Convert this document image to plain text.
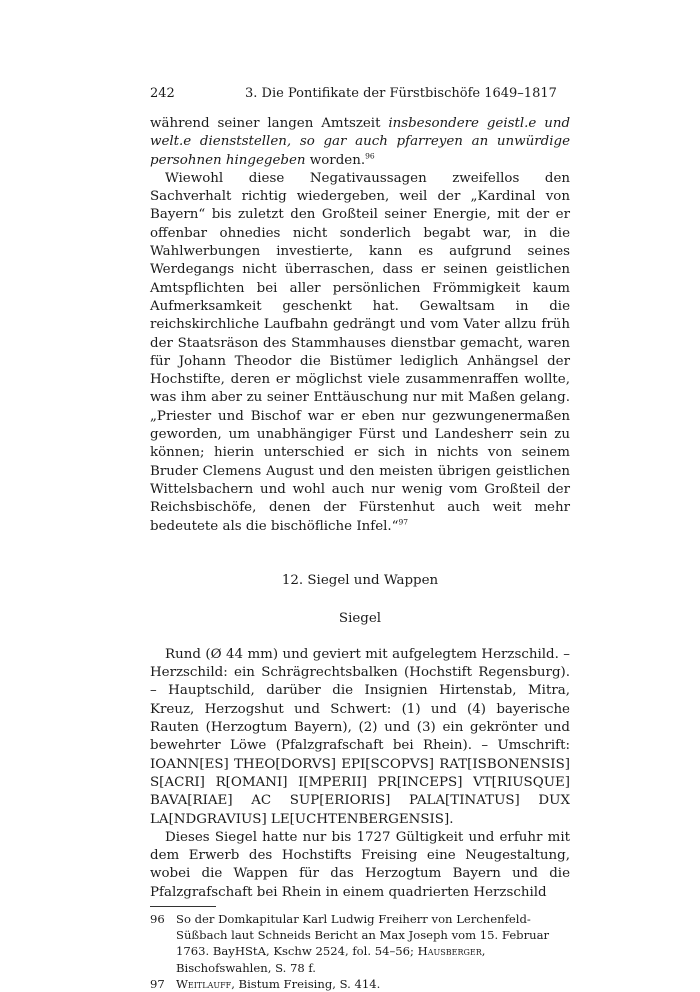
242	3. Die Pontifikate der Fürstbischöfe 1649–1817

während seiner langen Amtszeit insbesondere geistl.e und welt.e dienststellen, so gar auch pfarreyen an unwürdige persohnen hingegeben worden.$^{96}$

Wiewohl diese Negativaussagen zweifellos den Sachverhalt richtig wiedergeben, weil der „Kardinal von Bayern“ bis zuletzt den Großteil seiner Energie, mit der er offenbar ohnedies nicht sonderlich begabt war, in die Wahlwerbungen investierte, kann es aufgrund seines Werdegangs nicht überraschen, dass er seinen geistlichen Amtspflichten bei aller persönlichen Frömmigkeit kaum Aufmerksamkeit geschenkt hat. Gewaltsam in die reichskirchliche Laufbahn gedrängt und vom Vater allzu früh der Staatsräson des Stammhauses dienstbar gemacht, waren für Johann Theodor die Bistümer lediglich Anhängsel der Hochstifte, deren er möglichst viele zusammenraffen wollte, was ihm aber zu seiner Enttäuschung nur mit Maßen gelang. „Priester und Bischof war er eben nur gezwungenermaßen geworden, um unabhängiger Fürst und Landesherr sein zu können; hierin unterschied er sich in nichts von seinem Bruder Clemens August und den meisten übrigen geistlichen Wittelsbachern und wohl auch nur wenig vom Großteil der Reichsbischöfe, denen der Fürstenhut auch weit mehr bedeutete als die bischöfliche Infel.“$^{97}$

12. Siegel und Wappen
Siegel

Rund (Ø 44 mm) und geviert mit aufgelegtem Herzschild. – Herzschild: ein Schrägrechtsbalken (Hochstift Regensburg). – Hauptschild, darüber die Insignien Hirtenstab, Mitra, Kreuz, Herzogshut und Schwert: (1) und (4) bayerische Rauten (Herzogtum Bayern), (2) und (3) ein gekrönter und bewehrter Löwe (Pfalzgrafschaft bei Rhein). – Umschrift: IOANN[ES] THEO[DORVS] EPI[SCOPVS] RAT[ISBONENSIS] S[ACRI] R[OMANI] I[MPERII] PR[INCEPS] VT[RIUSQUE] BAVA[RIAE] AC SUP[ERIORIS] PALA[TINATUS] DUX LA[NDGRAVIUS] LE[UCHTENBERGENSIS].

Dieses Siegel hatte nur bis 1727 Gültigkeit und erfuhr mit dem Erwerb des Hochstifts Freising eine Neugestaltung, wobei die Wappen für das Herzogtum Bayern und die Pfalzgrafschaft bei Rhein in einem quadrierten Herzschild

96 So der Domkapitular Karl Ludwig Freiherr von Lerchenfeld-Süßbach laut Schneids Bericht an Max Joseph vom 15. Februar 1763. BayHStA, Kschw 2524, fol. 54–56; Hausberger, Bischofswahlen, S. 78 f.
97 Weitlauff, Bistum Freising, S. 414.
